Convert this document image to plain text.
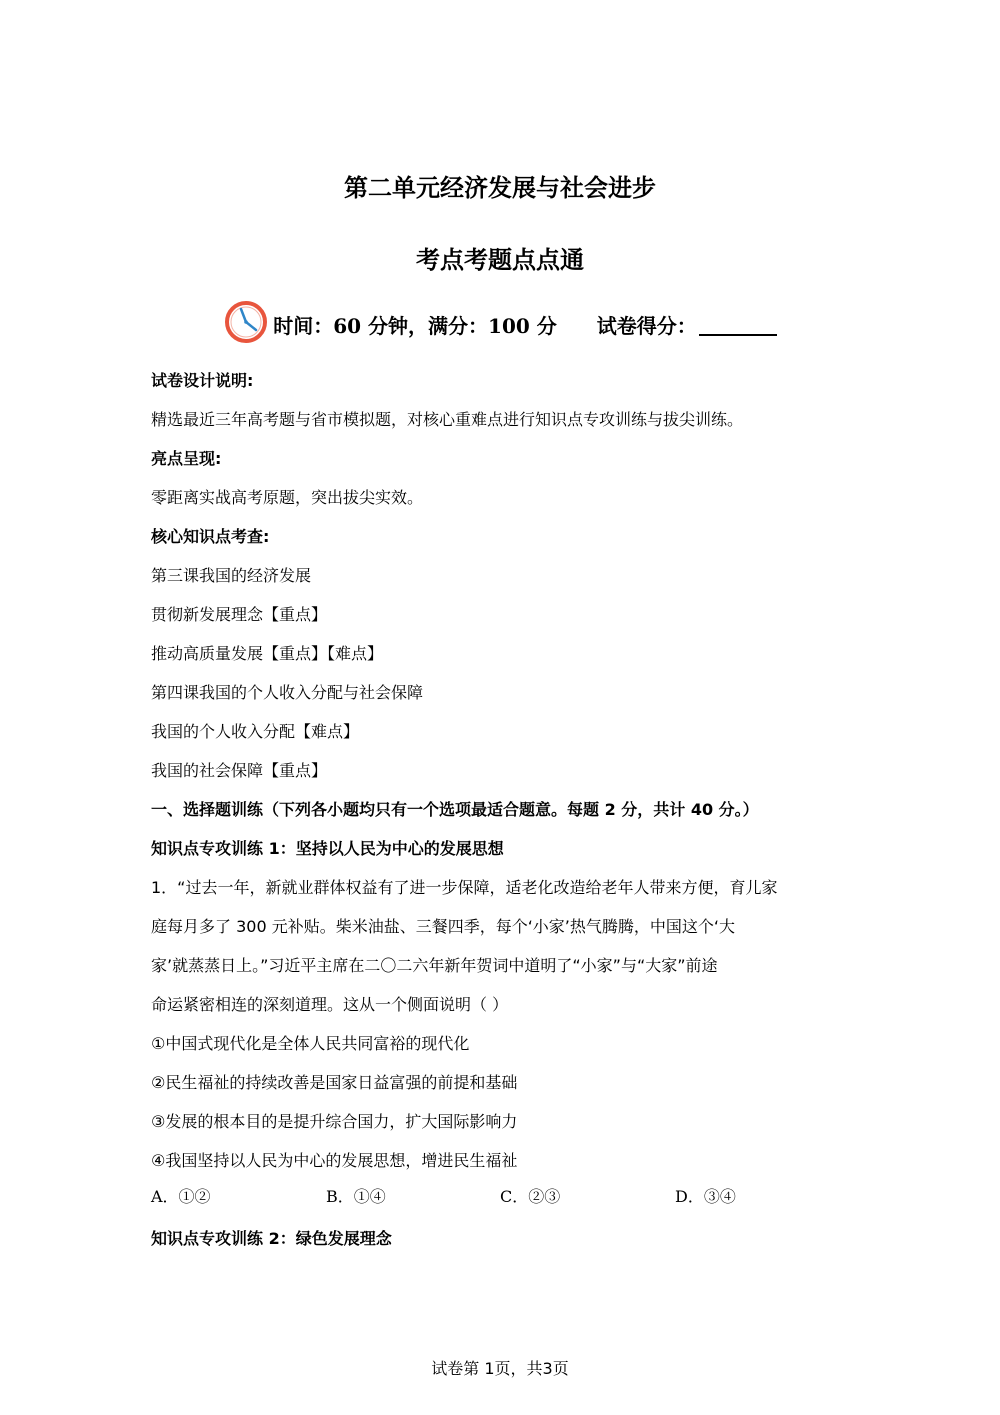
第二单元经济发展与社会进步
考点考题点点通
时间：60 分钟，满分：100 分 试卷得分：
试卷设计说明:
精选最近三年高考题与省市模拟题，对核心重难点进行知识点专攻训练与拔尖训练。
亮点呈现:
零距离实战高考原题，突出拔尖实效。
核心知识点考查:
第三课我国的经济发展
贯彻新发展理念【重点】
推动高质量发展【重点】【难点】
第四课我国的个人收入分配与社会保障
我国的个人收入分配【难点】
我国的社会保障【重点】
一、选择题训练（下列各小题均只有一个选项最适合题意。每题 2 分，共计 40 分。）
知识点专攻训练 1：坚持以人民为中心的发展思想
1．“过去一年，新就业群体权益有了进一步保障，适老化改造给老年人带来方便，育儿家
庭每月多了 300 元补贴。柴米油盐、三餐四季，每个‘小家’热气腾腾，中国这个‘大
家’就蒸蒸日上。”习近平主席在二〇二六年新年贺词中道明了“小家”与“大家”前途
命运紧密相连的深刻道理。这从一个侧面说明（ ）
①中国式现代化是全体人民共同富裕的现代化
②民生福祉的持续改善是国家日益富强的前提和基础
③发展的根本目的是提升综合国力，扩大国际影响力
④我国坚持以人民为中心的发展思想，增进民生福祉
A．①②	B．①④	C．②③	D．③④
知识点专攻训练 2：绿色发展理念
试卷第 1页，共3页
